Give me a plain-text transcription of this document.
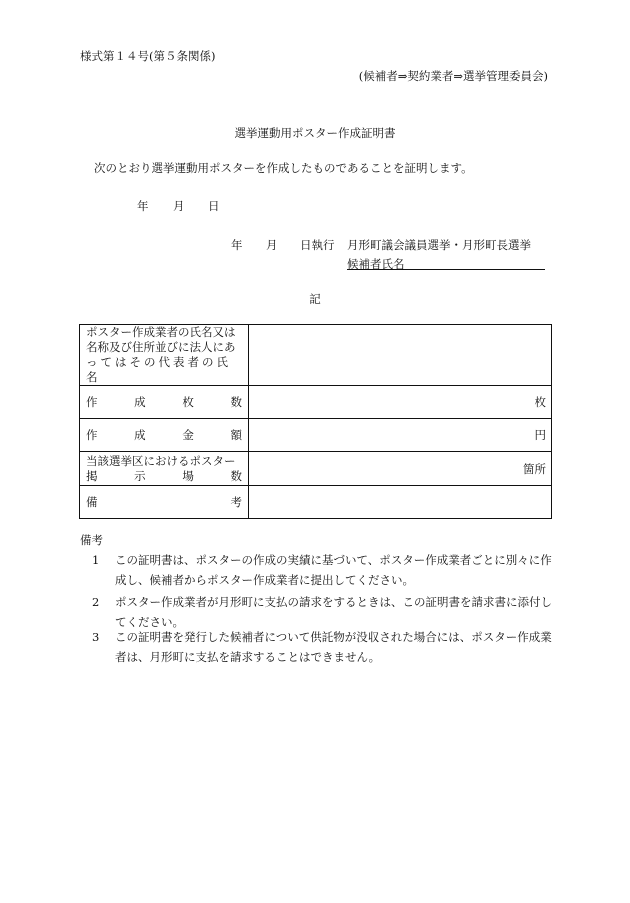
様式第１４号(第５条関係)
(候補者⇒契約業者⇒選挙管理委員会)
選挙運動用ポスター作成証明書
次のとおり選挙運動用ポスターを作成したものであることを証明します。
年 月 日
年 月 日執行 月形町議会議員選挙・月形町長選挙
候補者氏名
記
ポスター作成業者の氏名又は
名称及び住所並びに法人にあ
ってはその代表者の氏名	

作 成 枚 数	枚

作 成 金 額	円

当該選挙区におけるポスター
掲 示 場 数	箇所

備 考	

備考
1	この証明書は、ポスターの作成の実績に基づいて、ポスター作成業者ごとに別々に作成し、候補者からポスター作成業者に提出してください。
2	ポスター作成業者が月形町に支払の請求をするときは、この証明書を請求書に添付してください。
3	この証明書を発行した候補者について供託物が没収された場合には、ポスター作成業者は、月形町に支払を請求することはできません。
